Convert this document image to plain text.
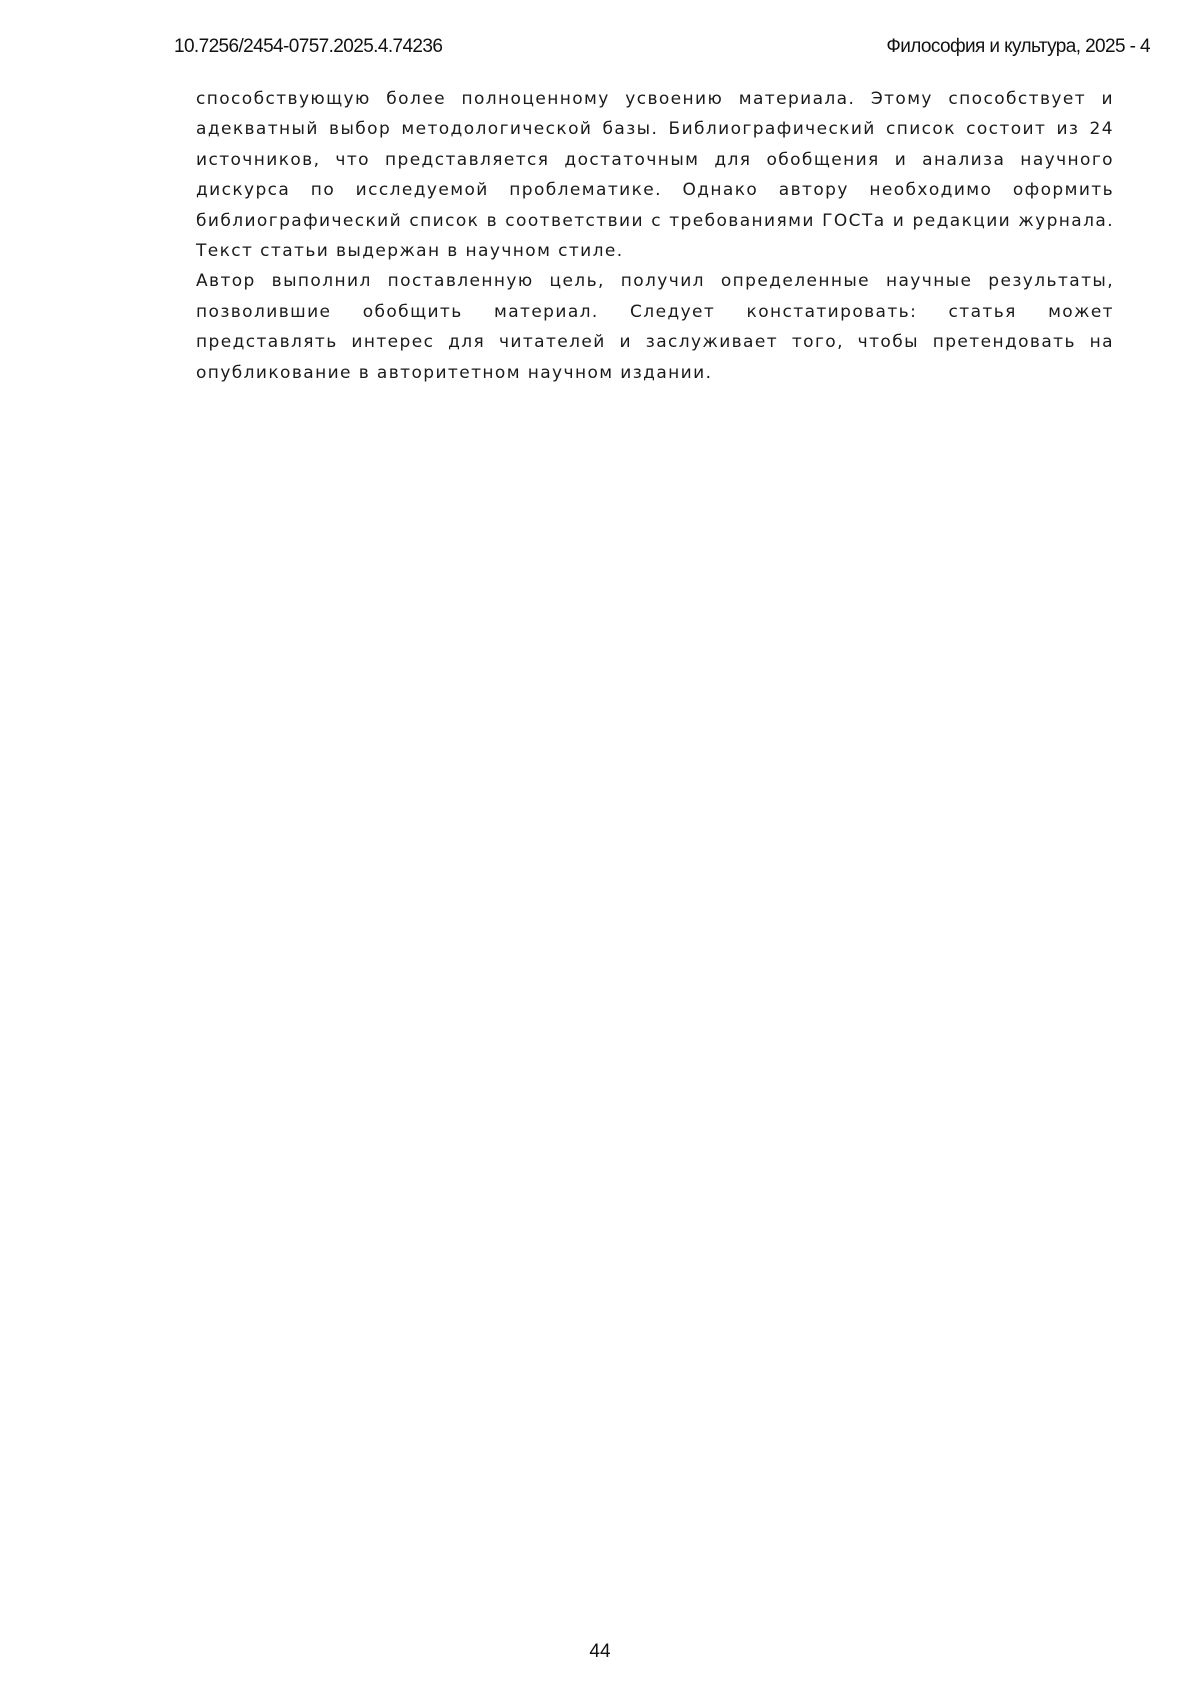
10.7256/2454-0757.2025.4.74236	Философия и культура, 2025 - 4

способствующую более полноценному усвоению материала. Этому способствует и адекватный выбор методологической базы. Библиографический список состоит из 24 источников, что представляется достаточным для обобщения и анализа научного дискурса по исследуемой проблематике. Однако автору необходимо оформить библиографический список в соответствии с требованиями ГОСТа и редакции журнала. Текст статьи выдержан в научном стиле.

Автор выполнил поставленную цель, получил определенные научные результаты, позволившие обобщить материал. Следует констатировать: статья может представлять интерес для читателей и заслуживает того, чтобы претендовать на опубликование в авторитетном научном издании.

44
